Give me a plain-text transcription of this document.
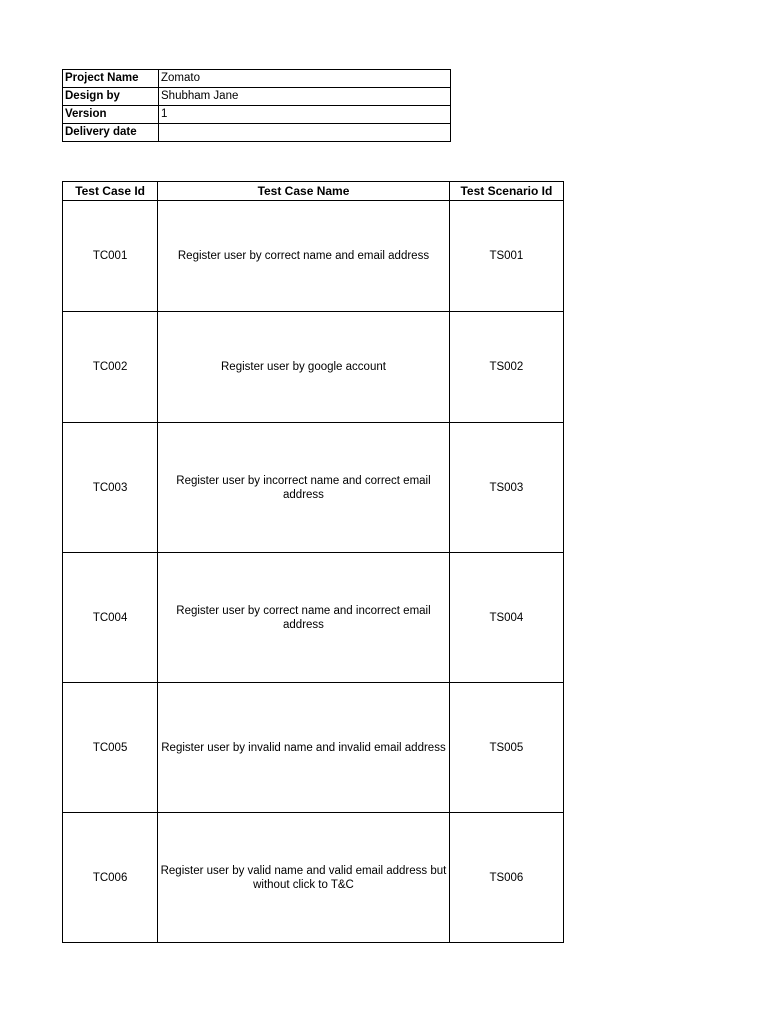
Project Name	Zomato
Design by	Shubham Jane
Version	1
Delivery date	
Test Case Id	Test Case Name	Test Scenario Id
TC001	Register user by correct name and email address	TS001
TC002	Register user by google account	TS002
TC003	Register user by incorrect name and correct email address	TS003
TC004	Register user by correct name and incorrect email address	TS004
TC005	Register user by invalid name and invalid email address	TS005
TC006	Register user by valid name and valid email address but without click to T&C	TS006
